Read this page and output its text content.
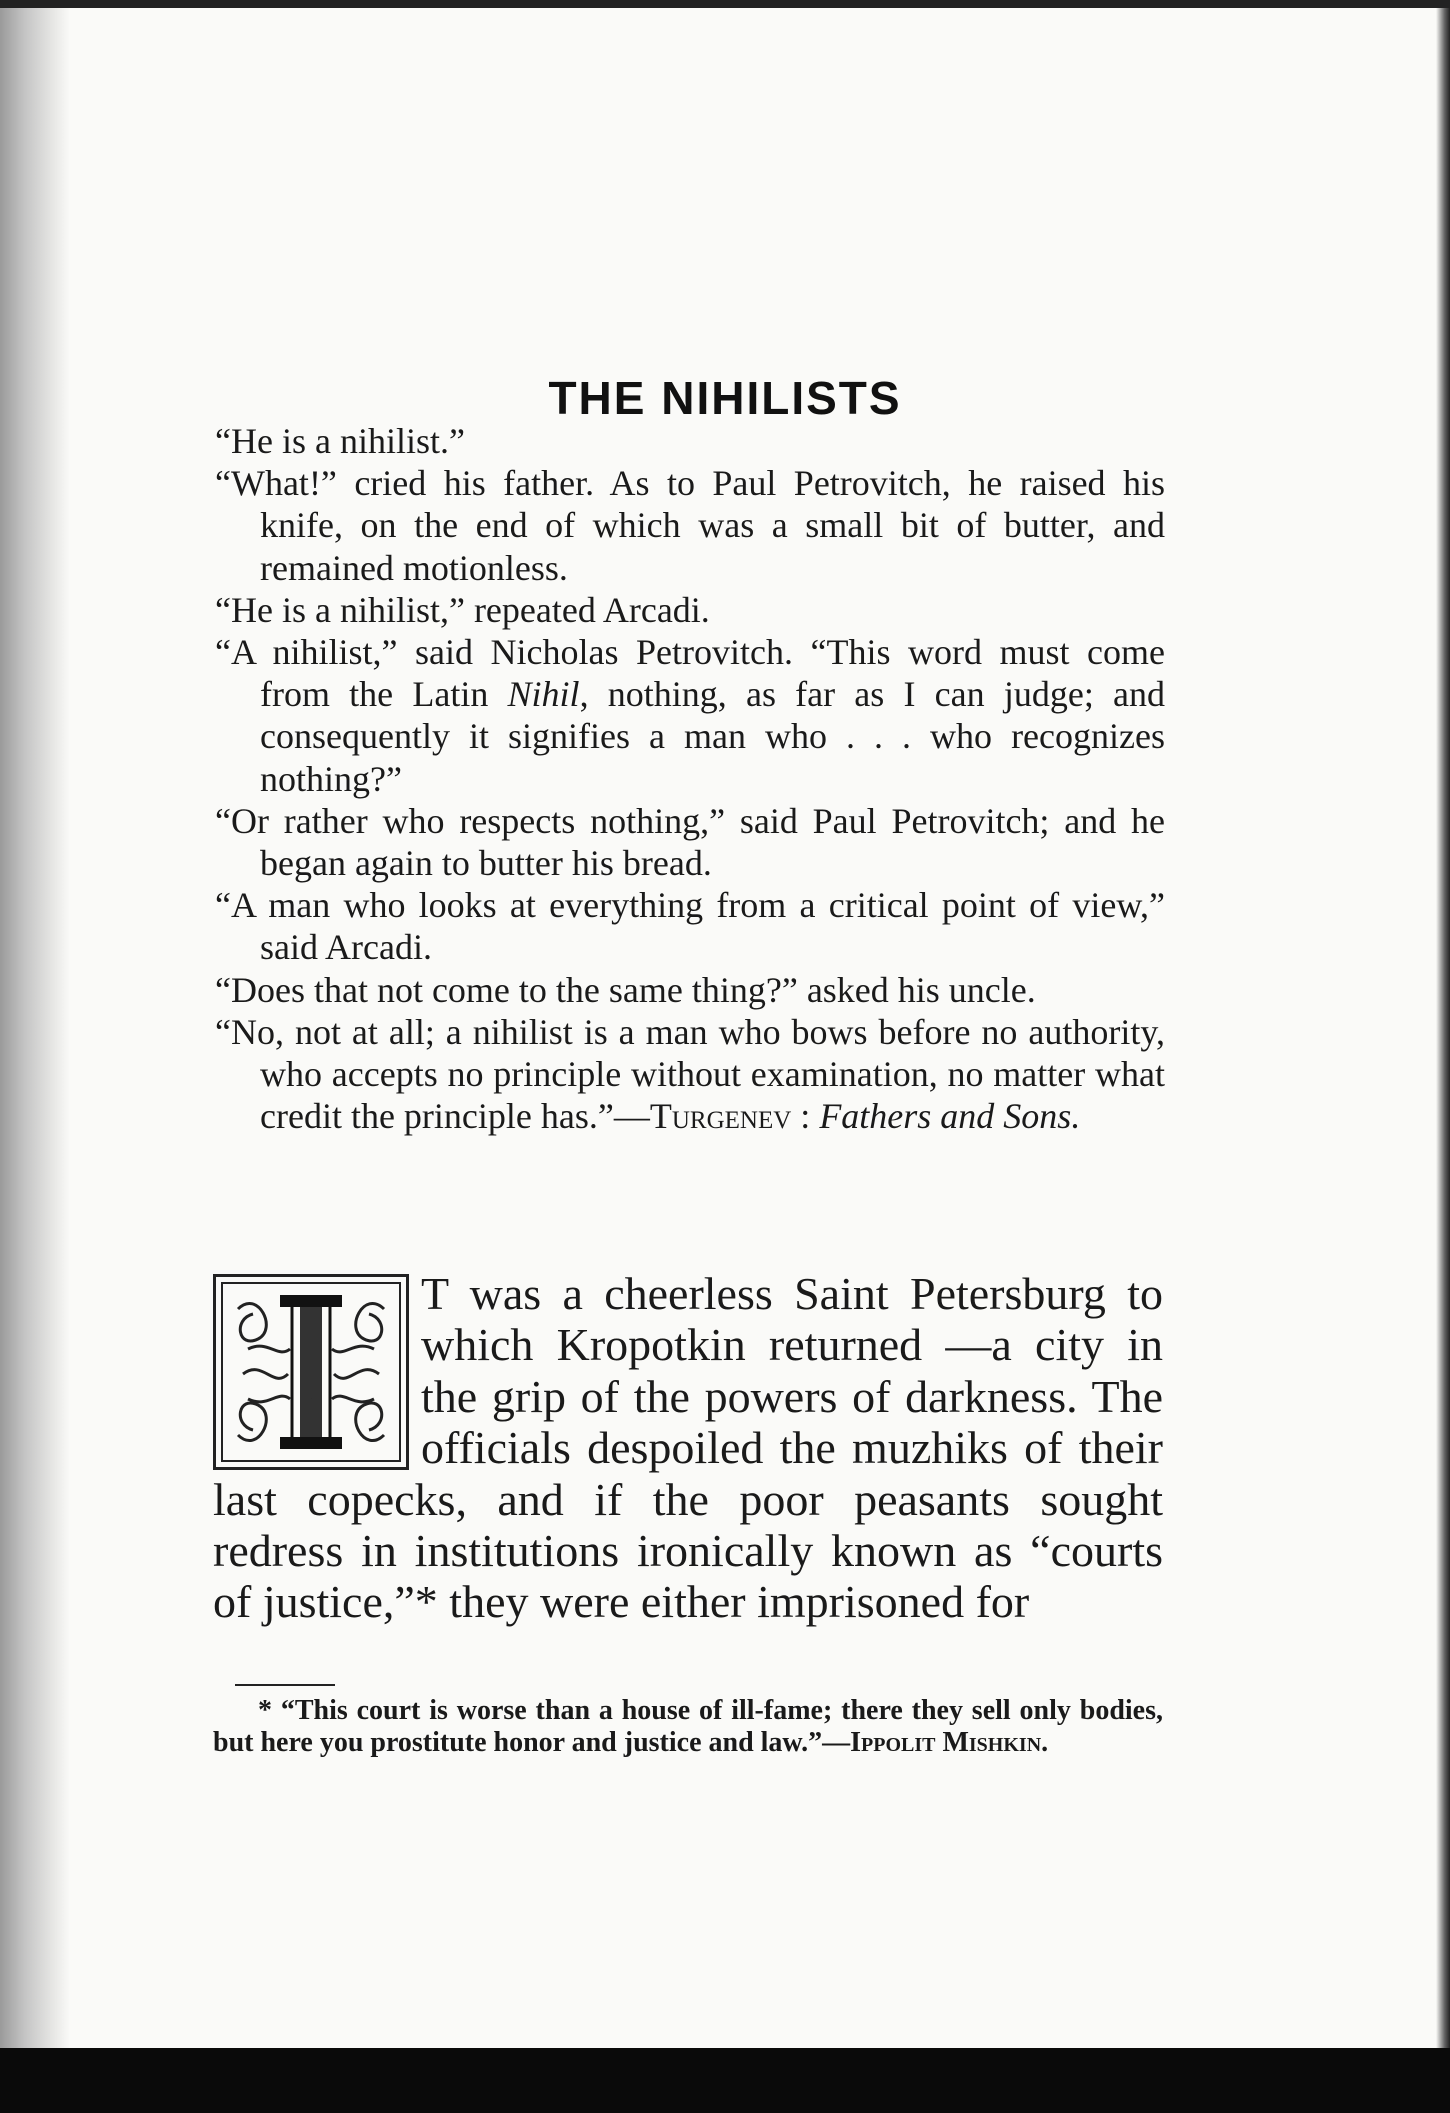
THE NIHILISTS

“He is a nihilist.”

“What!” cried his father. As to Paul Petrovitch, he raised his knife, on the end of which was a small bit of butter, and remained motionless.

“He is a nihilist,” repeated Arcadi.

“A nihilist,” said Nicholas Petrovitch. “This word must come from the Latin Nihil, nothing, as far as I can judge; and consequently it signifies a man who . . . who recognizes nothing?”

“Or rather who respects nothing,” said Paul Petrovitch; and he began again to butter his bread.

“A man who looks at everything from a critical point of view,” said Arcadi.

“Does that not come to the same thing?” asked his uncle.

“No, not at all; a nihilist is a man who bows before no authority, who accepts no principle without examination, no matter what credit the principle has.”—Turgenev : Fathers and Sons.

I

T was a cheerless Saint Petersburg to which Kropotkin returned —a city in the grip of the powers of darkness. The officials despoiled the muzhiks of their last copecks, and if the poor peasants sought redress in institutions ironically known as “courts of justice,”* they were either imprisoned for

* “This court is worse than a house of ill-fame; there they sell only bodies, but here you prostitute honor and justice and law.”—Ippolit Mishkin.
